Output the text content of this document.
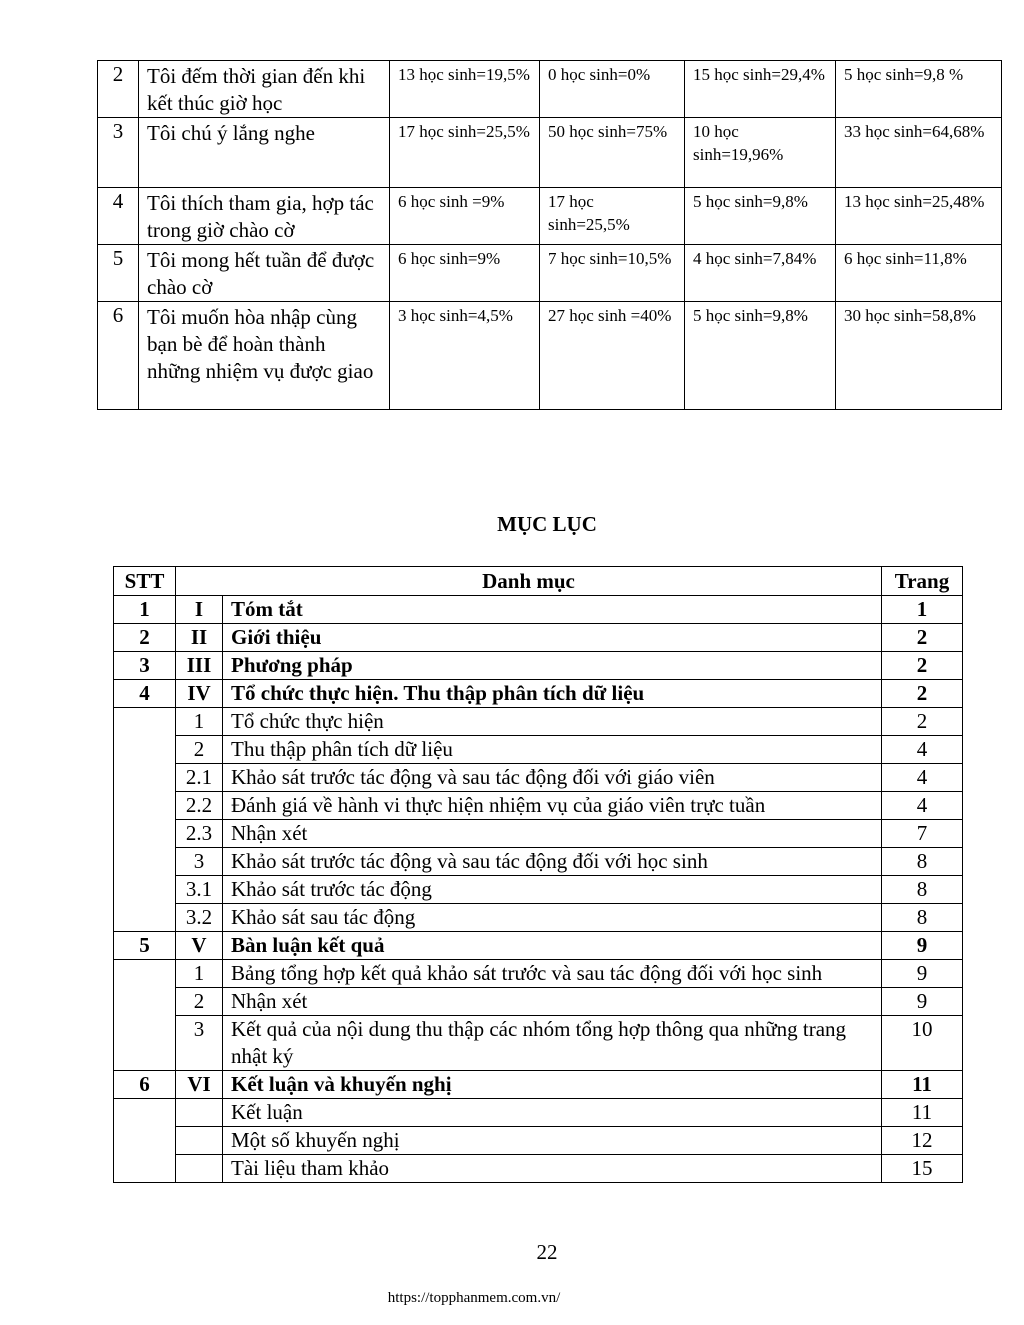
2	Tôi đếm thời gian đến khi kết thúc giờ học	13 học sinh=19,5%	0 học sinh=0%	15 học sinh=29,4%	5 học sinh=9,8 %
3	Tôi chú ý lắng nghe	17 học sinh=25,5%	50 học sinh=75%	10 học sinh=19,96%	33 học sinh=64,68%
4	Tôi thích tham gia, hợp tác trong giờ chào cờ	6 học sinh =9%	17 học sinh=25,5%	5 học sinh=9,8%	13 học sinh=25,48%
5	Tôi mong hết tuần để được chào cờ	6 học sinh=9%	7 học sinh=10,5%	4 học sinh=7,84%	6 học sinh=11,8%
6	Tôi muốn hòa nhập cùng bạn bè để hoàn thành những nhiệm vụ được giao	3 học sinh=4,5%	27 học sinh =40%	5 học sinh=9,8%	30 học sinh=58,8%
MỤC LỤC
STT	Danh mục		Trang
1	I	Tóm tắt	1
2	II	Giới thiệu	2
3	III	Phương pháp	2
4	IV	Tổ chức thực hiện. Thu thập phân tích dữ liệu	2
	1	Tổ chức thực hiện	2
	2	Thu thập phân tích dữ liệu	4
	2.1	Khảo sát trước tác động và sau tác động đối với giáo viên	4
	2.2	Đánh giá về hành vi thực hiện nhiệm vụ của giáo viên trực tuần	4
	2.3	Nhận xét	7
	3	Khảo sát trước tác động và sau tác động đối với học sinh	8
	3.1	Khảo sát trước tác động	8
	3.2	Khảo sát sau tác động	8
5	V	Bàn luận kết quả	9
	1	Bảng tổng hợp kết quả khảo sát trước và sau tác động đối với học sinh	9
	2	Nhận xét	9
	3	Kết quả của nội dung thu thập các nhóm tổng hợp thông qua những trang nhật ký	10
6	VI	Kết luận và khuyến nghị	11
		Kết luận	11
		Một số khuyến nghị	12
		Tài liệu tham khảo	15
22
https://topphanmem.com.vn/
